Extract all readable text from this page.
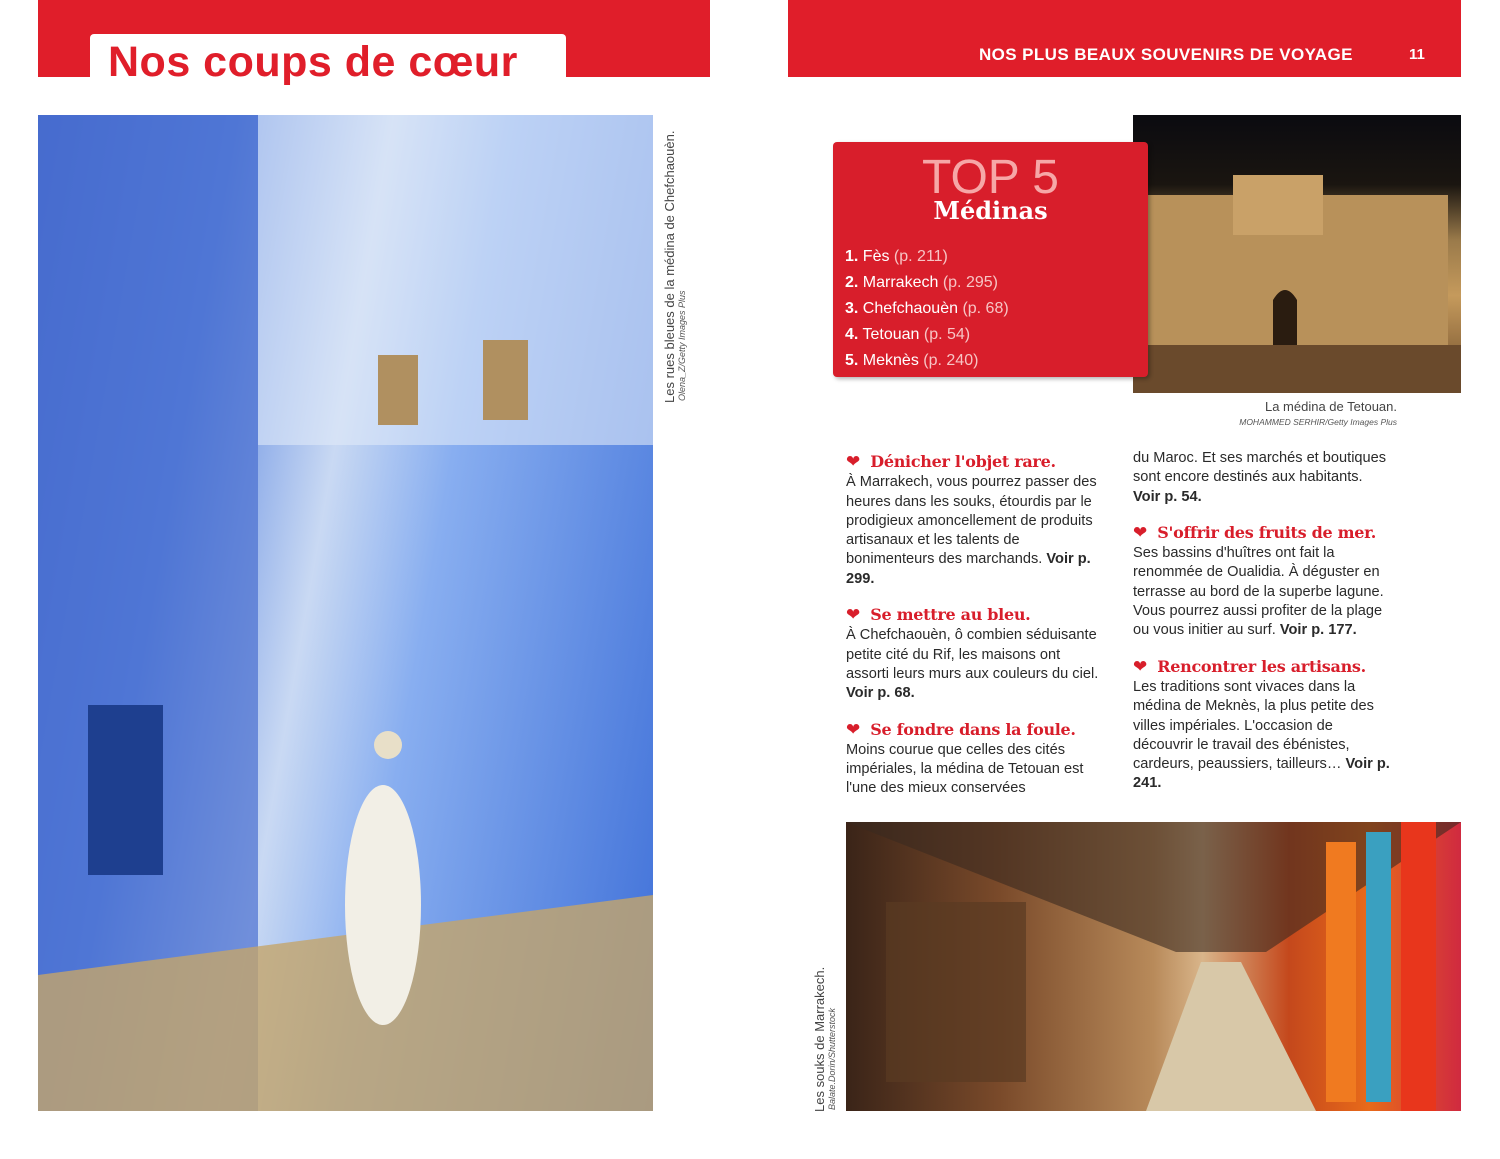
Nos coups de cœur	NOS PLUS BEAUX SOUVENIRS DE VOYAGE	11
Les rues bleues de la médina de Chefchaouèn. Olena_Z/Getty Images Plus
La médina de Tetouan.
MOHAMMED SERHIR/Getty Images Plus
TOP 5
Médinas
1. Fès (p. 211)
2. Marrakech (p. 295)
3. Chefchaouèn (p. 68)
4. Tetouan (p. 54)
5. Meknès (p. 240)
❤ Dénicher l'objet rare.
À Marrakech, vous pourrez passer des heures dans les souks, étourdis par le prodigieux amoncellement de produits artisanaux et les talents de bonimenteurs des marchands. Voir p. 299.
❤ Se mettre au bleu.
À Chefchaouèn, ô combien séduisante petite cité du Rif, les maisons ont assorti leurs murs aux couleurs du ciel. Voir p. 68.
❤ Se fondre dans la foule.
Moins courue que celles des cités impériales, la médina de Tetouan est l'une des mieux conservées
du Maroc. Et ses marchés et boutiques sont encore destinés aux habitants. Voir p. 54.
❤ S'offrir des fruits de mer. Ses bassins d'huîtres ont fait la renommée de Oualidia. À déguster en terrasse au bord de la superbe lagune. Vous pourrez aussi profiter de la plage ou vous initier au surf. Voir p. 177.
❤ Rencontrer les artisans. Les traditions sont vivaces dans la médina de Meknès, la plus petite des villes impériales. L'occasion de découvrir le travail des ébénistes, cardeurs, peaussiers, tailleurs… Voir p. 241.
Les souks de Marrakech. Balate.Dorin/Shutterstock
